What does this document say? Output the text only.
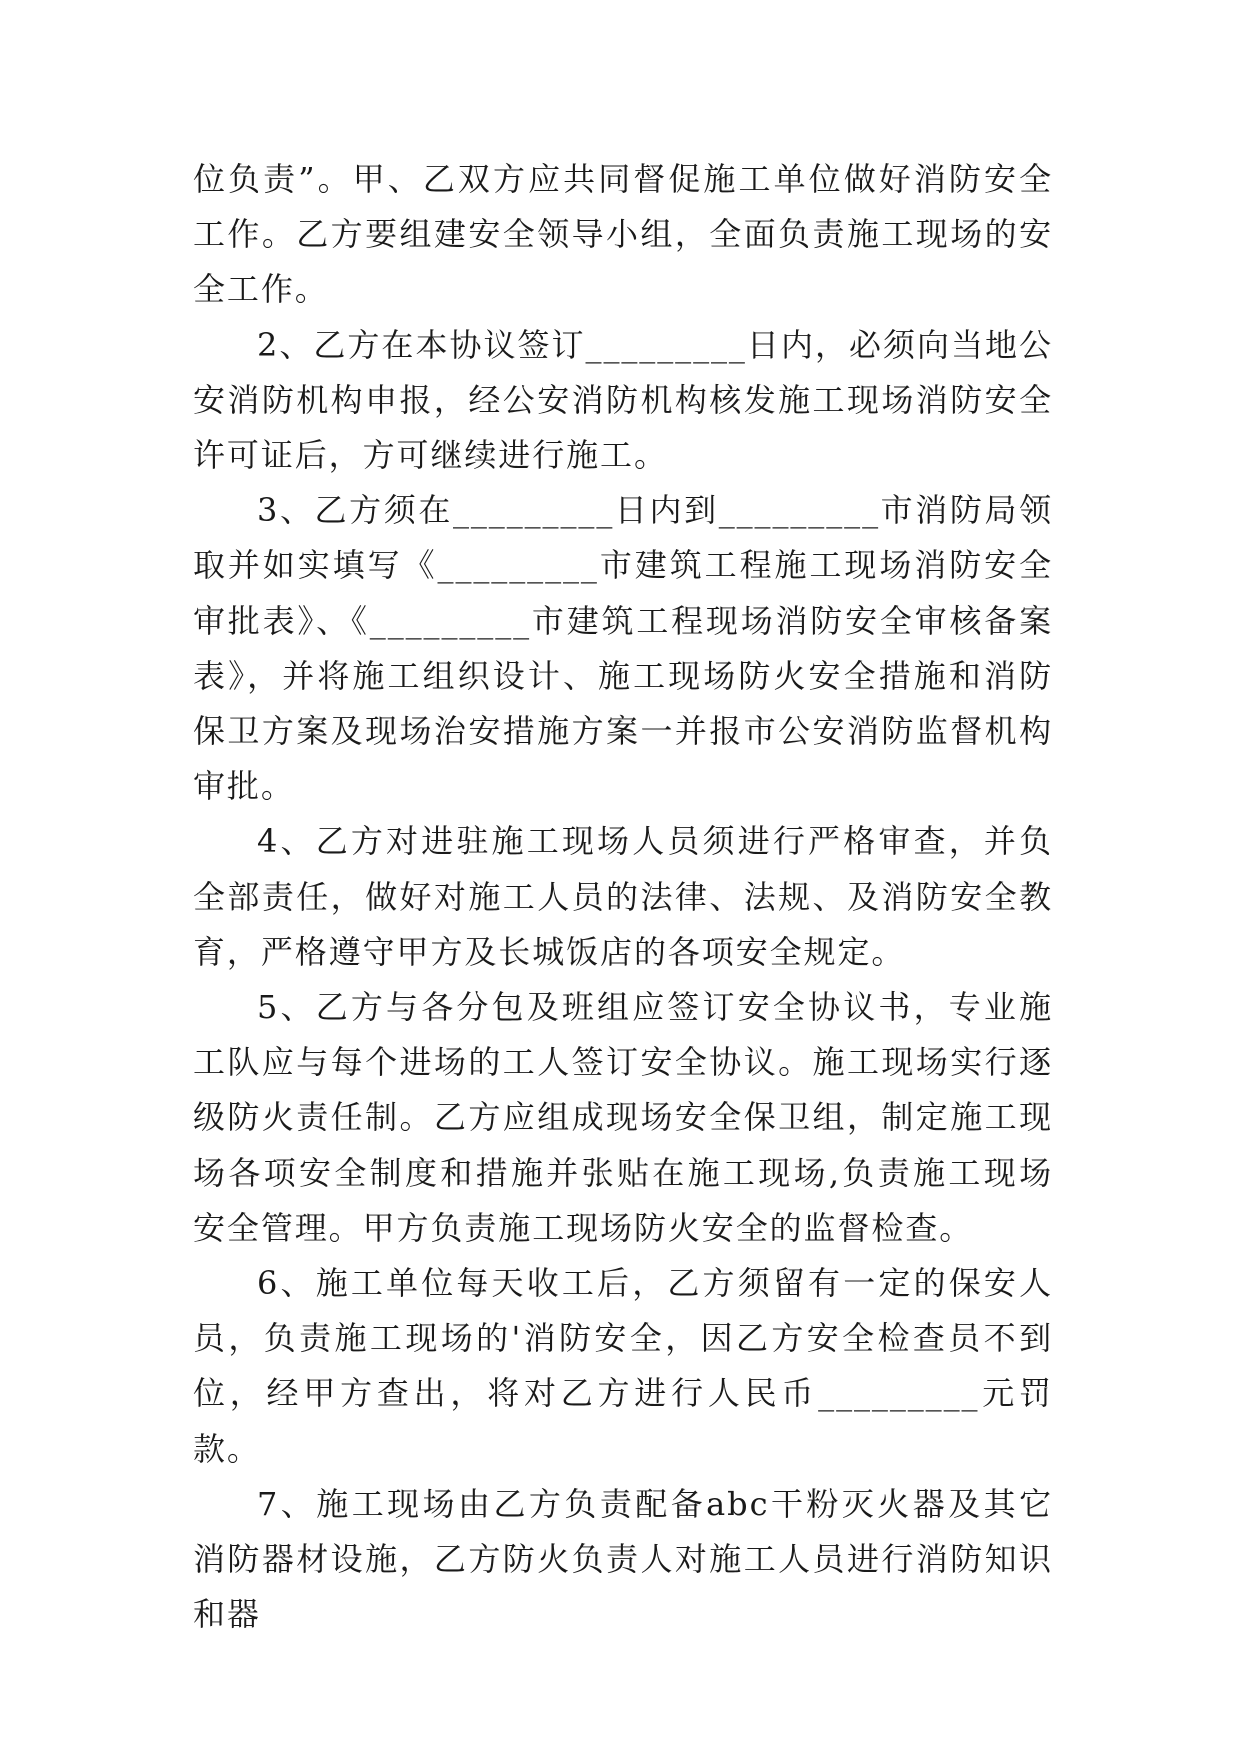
位负责”。甲、乙双方应共同督促施工单位做好消防安全工作。乙方要组建安全领导小组，全面负责施工现场的安全工作。

2、乙方在本协议签订_________日内，必须向当地公安消防机构申报，经公安消防机构核发施工现场消防安全许可证后，方可继续进行施工。

3、乙方须在_________日内到_________市消防局领取并如实填写《_________市建筑工程施工现场消防安全审批表》、《_________市建筑工程现场消防安全审核备案表》，并将施工组织设计、施工现场防火安全措施和消防保卫方案及现场治安措施方案一并报市公安消防监督机构审批。

4、乙方对进驻施工现场人员须进行严格审查，并负全部责任，做好对施工人员的法律、法规、及消防安全教育，严格遵守甲方及长城饭店的各项安全规定。

5、乙方与各分包及班组应签订安全协议书，专业施工队应与每个进场的工人签订安全协议。施工现场实行逐级防火责任制。乙方应组成现场安全保卫组，制定施工现场各项安全制度和措施并张贴在施工现场,负责施工现场安全管理。甲方负责施工现场防火安全的监督检查。

6、施工单位每天收工后，乙方须留有一定的保安人员，负责施工现场的'消防安全，因乙方安全检查员不到位，经甲方查出，将对乙方进行人民币_________元罚款。

7、施工现场由乙方负责配备abc干粉灭火器及其它消防器材设施，乙方防火负责人对施工人员进行消防知识和器
